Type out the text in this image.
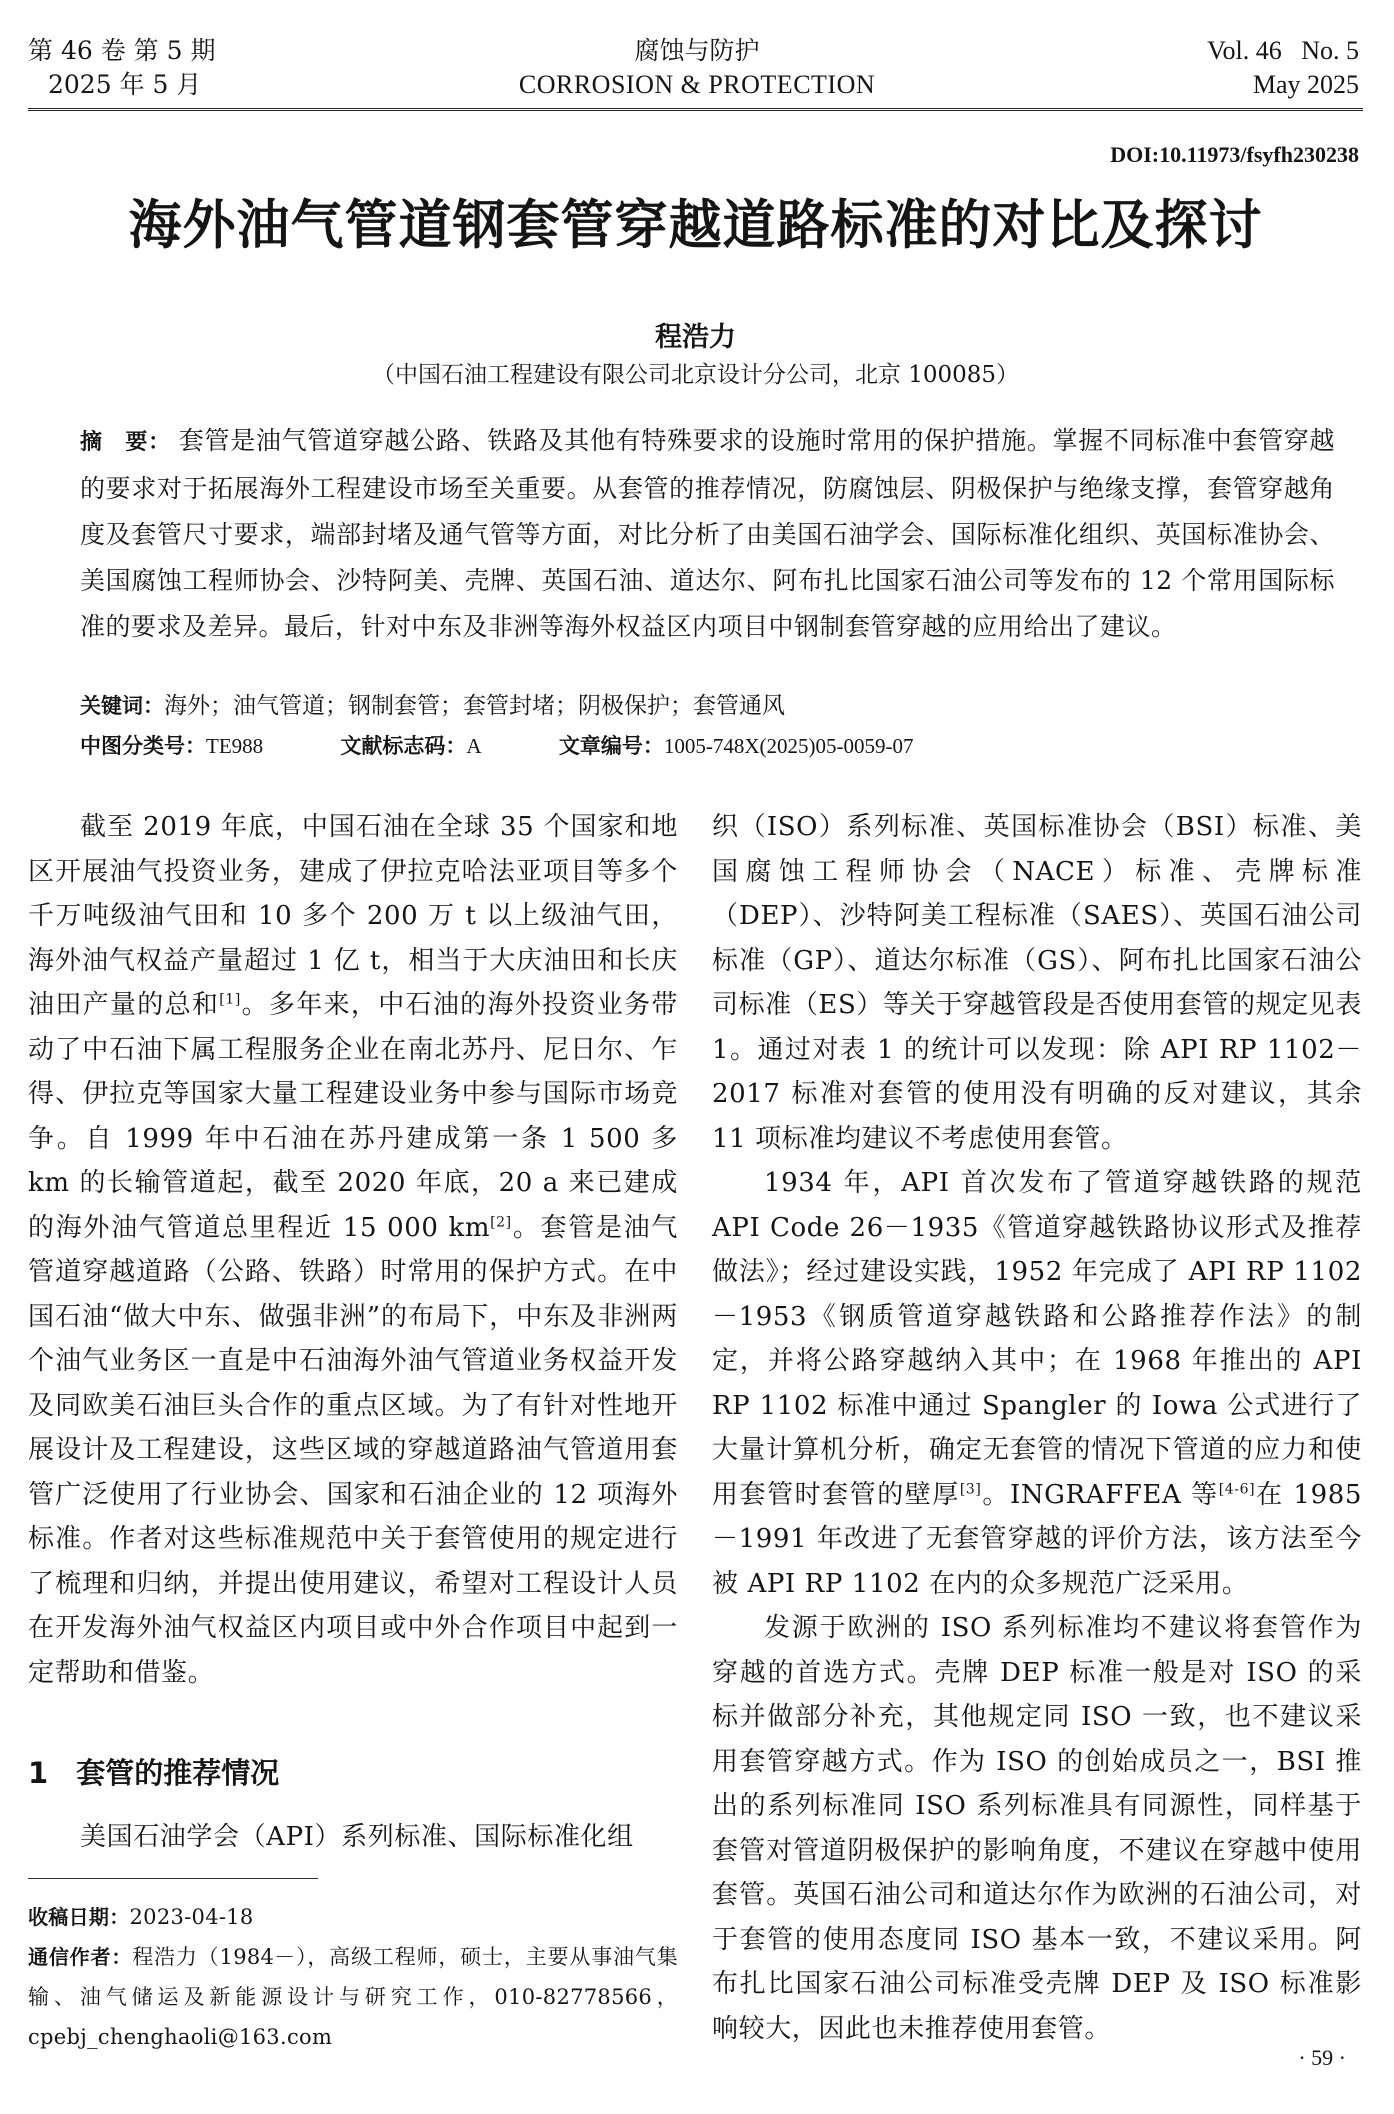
第 46 卷 第 5 期
2025 年 5 月
腐蚀与防护
CORROSION & PROTECTION
Vol. 46   No. 5
May 2025
DOI:10.11973/fsyfh230238
海外油气管道钢套管穿越道路标准的对比及探讨
程浩力
（中国石油工程建设有限公司北京设计分公司，北京 100085）
摘　要： 套管是油气管道穿越公路、铁路及其他有特殊要求的设施时常用的保护措施。掌握不同标准中套管穿越的要求对于拓展海外工程建设市场至关重要。从套管的推荐情况，防腐蚀层、阴极保护与绝缘支撑，套管穿越角度及套管尺寸要求，端部封堵及通气管等方面，对比分析了由美国石油学会、国际标准化组织、英国标准协会、美国腐蚀工程师协会、沙特阿美、壳牌、英国石油、道达尔、阿布扎比国家石油公司等发布的 12 个常用国际标准的要求及差异。最后，针对中东及非洲等海外权益区内项目中钢制套管穿越的应用给出了建议。
关键词：海外；油气管道；钢制套管；套管封堵；阴极保护；套管通风
中图分类号：TE988	文献标志码：A	文章编号：1005-748X(2025)05-0059-07

截至 2019 年底，中国石油在全球 35 个国家和地区开展油气投资业务，建成了伊拉克哈法亚项目等多个千万吨级油气田和 10 多个 200 万 t 以上级油气田，海外油气权益产量超过 1 亿 t，相当于大庆油田和长庆油田产量的总和[1]。多年来，中石油的海外投资业务带动了中石油下属工程服务企业在南北苏丹、尼日尔、乍得、伊拉克等国家大量工程建设业务中参与国际市场竞争。自 1999 年中石油在苏丹建成第一条 1 500 多 km 的长输管道起，截至 2020 年底，20 a 来已建成的海外油气管道总里程近 15 000 km[2]。套管是油气管道穿越道路（公路、铁路）时常用的保护方式。在中国石油“做大中东、做强非洲”的布局下，中东及非洲两个油气业务区一直是中石油海外油气管道业务权益开发及同欧美石油巨头合作的重点区域。为了有针对性地开展设计及工程建设，这些区域的穿越道路油气管道用套管广泛使用了行业协会、国家和石油企业的 12 项海外标准。作者对这些标准规范中关于套管使用的规定进行了梳理和归纳，并提出使用建议，希望对工程设计人员在开发海外油气权益区内项目或中外合作项目中起到一定帮助和借鉴。

1 套管的推荐情况

美国石油学会（API）系列标准、国际标准化组

织（ISO）系列标准、英国标准协会（BSI）标准、美国腐蚀工程师协会（NACE）标准、壳牌标准（DEP）、沙特阿美工程标准（SAES）、英国石油公司标准（GP）、道达尔标准（GS）、阿布扎比国家石油公司标准（ES）等关于穿越管段是否使用套管的规定见表 1。通过对表 1 的统计可以发现：除 API RP 1102－2017 标准对套管的使用没有明确的反对建议，其余 11 项标准均建议不考虑使用套管。

1934 年，API 首次发布了管道穿越铁路的规范 API Code 26－1935《管道穿越铁路协议形式及推荐做法》；经过建设实践，1952 年完成了 API RP 1102－1953《钢质管道穿越铁路和公路推荐作法》的制定，并将公路穿越纳入其中；在 1968 年推出的 API RP 1102 标准中通过 Spangler 的 Iowa 公式进行了大量计算机分析，确定无套管的情况下管道的应力和使用套管时套管的壁厚[3]。INGRAFFEA 等[4-6]在 1985－1991 年改进了无套管穿越的评价方法，该方法至今被 API RP 1102 在内的众多规范广泛采用。

发源于欧洲的 ISO 系列标准均不建议将套管作为穿越的首选方式。壳牌 DEP 标准一般是对 ISO 的采标并做部分补充，其他规定同 ISO 一致，也不建议采用套管穿越方式。作为 ISO 的创始成员之一，BSI 推出的系列标准同 ISO 系列标准具有同源性，同样基于套管对管道阴极保护的影响角度，不建议在穿越中使用套管。英国石油公司和道达尔作为欧洲的石油公司，对于套管的使用态度同 ISO 基本一致，不建议采用。阿布扎比国家石油公司标准受壳牌 DEP 及 ISO 标准影响较大，因此也未推荐使用套管。

收稿日期：2023-04-18
通信作者：程浩力（1984－），高级工程师，硕士，主要从事油气集输、油气储运及新能源设计与研究工作，010-82778566，cpebj_chenghaoli@163.com
· 59 ·
